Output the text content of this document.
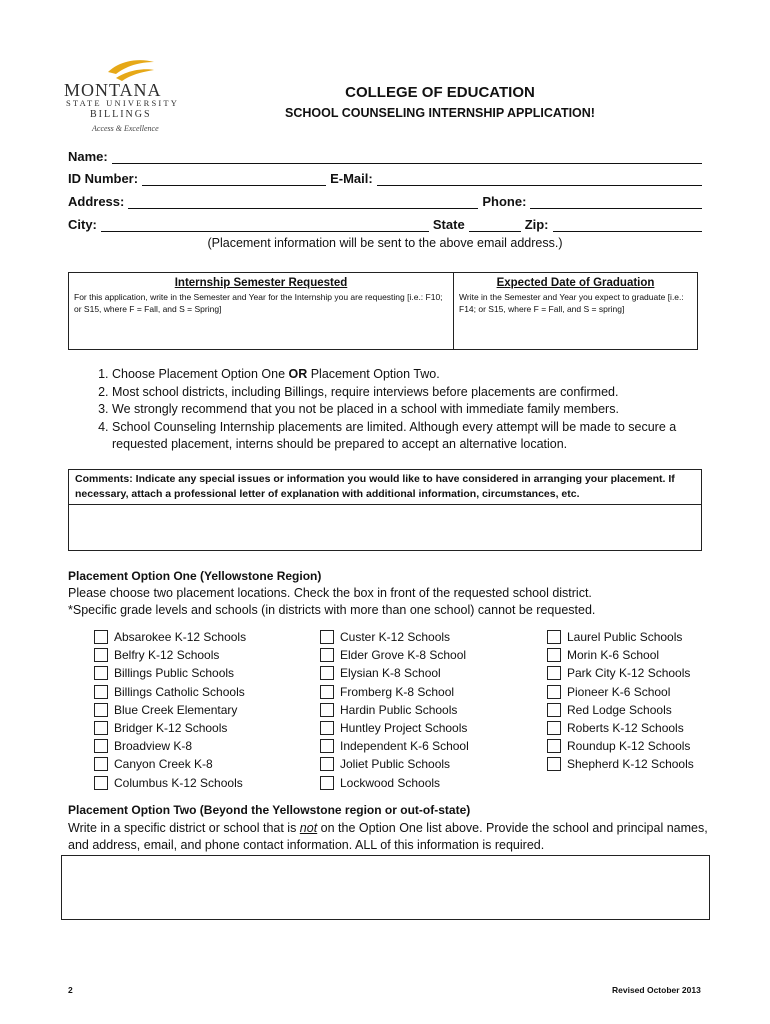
MONTANA
STATE UNIVERSITY
BILLINGS
Access & Excellence
COLLEGE OF EDUCATION
SCHOOL COUNSELING INTERNSHIP APPLICATION!
Name:
ID Number:	E-Mail:
Address:	Phone:
City:	State	Zip:
(Placement information will be sent to the above email address.)
Internship Semester Requested
For this application, write in the Semester and Year for the Internship you are requesting [i.e.: F10; or S15, where F = Fall, and S = Spring]
Expected Date of Graduation
Write in the Semester and Year you expect to graduate [i.e.: F14; or S15, where F = Fall, and S = spring]
1. Choose Placement Option One OR Placement Option Two.
2. Most school districts, including Billings, require interviews before placements are confirmed.
3. We strongly recommend that you not be placed in a school with immediate family members.
4. School Counseling Internship placements are limited. Although every attempt will be made to secure a requested placement, interns should be prepared to accept an alternative location.
Comments: Indicate any special issues or information you would like to have considered in arranging your placement. If necessary, attach a professional letter of explanation with additional information, circumstances, etc.
Placement Option One (Yellowstone Region)
Please choose two placement locations. Check the box in front of the requested school district.
*Specific grade levels and schools (in districts with more than one school) cannot be requested.
Absarokee K-12 Schools
Belfry K-12 Schools
Billings Public Schools
Billings Catholic Schools
Blue Creek Elementary
Bridger K-12 Schools
Broadview K-8
Canyon Creek K-8
Columbus K-12 Schools
Custer K-12 Schools
Elder Grove K-8 School
Elysian K-8 School
Fromberg K-8 School
Hardin Public Schools
Huntley Project Schools
Independent K-6 School
Joliet Public Schools
Lockwood Schools
Laurel Public Schools
Morin K-6 School
Park City K-12 Schools
Pioneer K-6 School
Red Lodge Schools
Roberts K-12 Schools
Roundup K-12 Schools
Shepherd K-12 Schools
Placement Option Two (Beyond the Yellowstone region or out-of-state)
Write in a specific district or school that is not on the Option One list above. Provide the school and principal names, and address, email, and phone contact information. ALL of this information is required.
2	Revised October 2013
